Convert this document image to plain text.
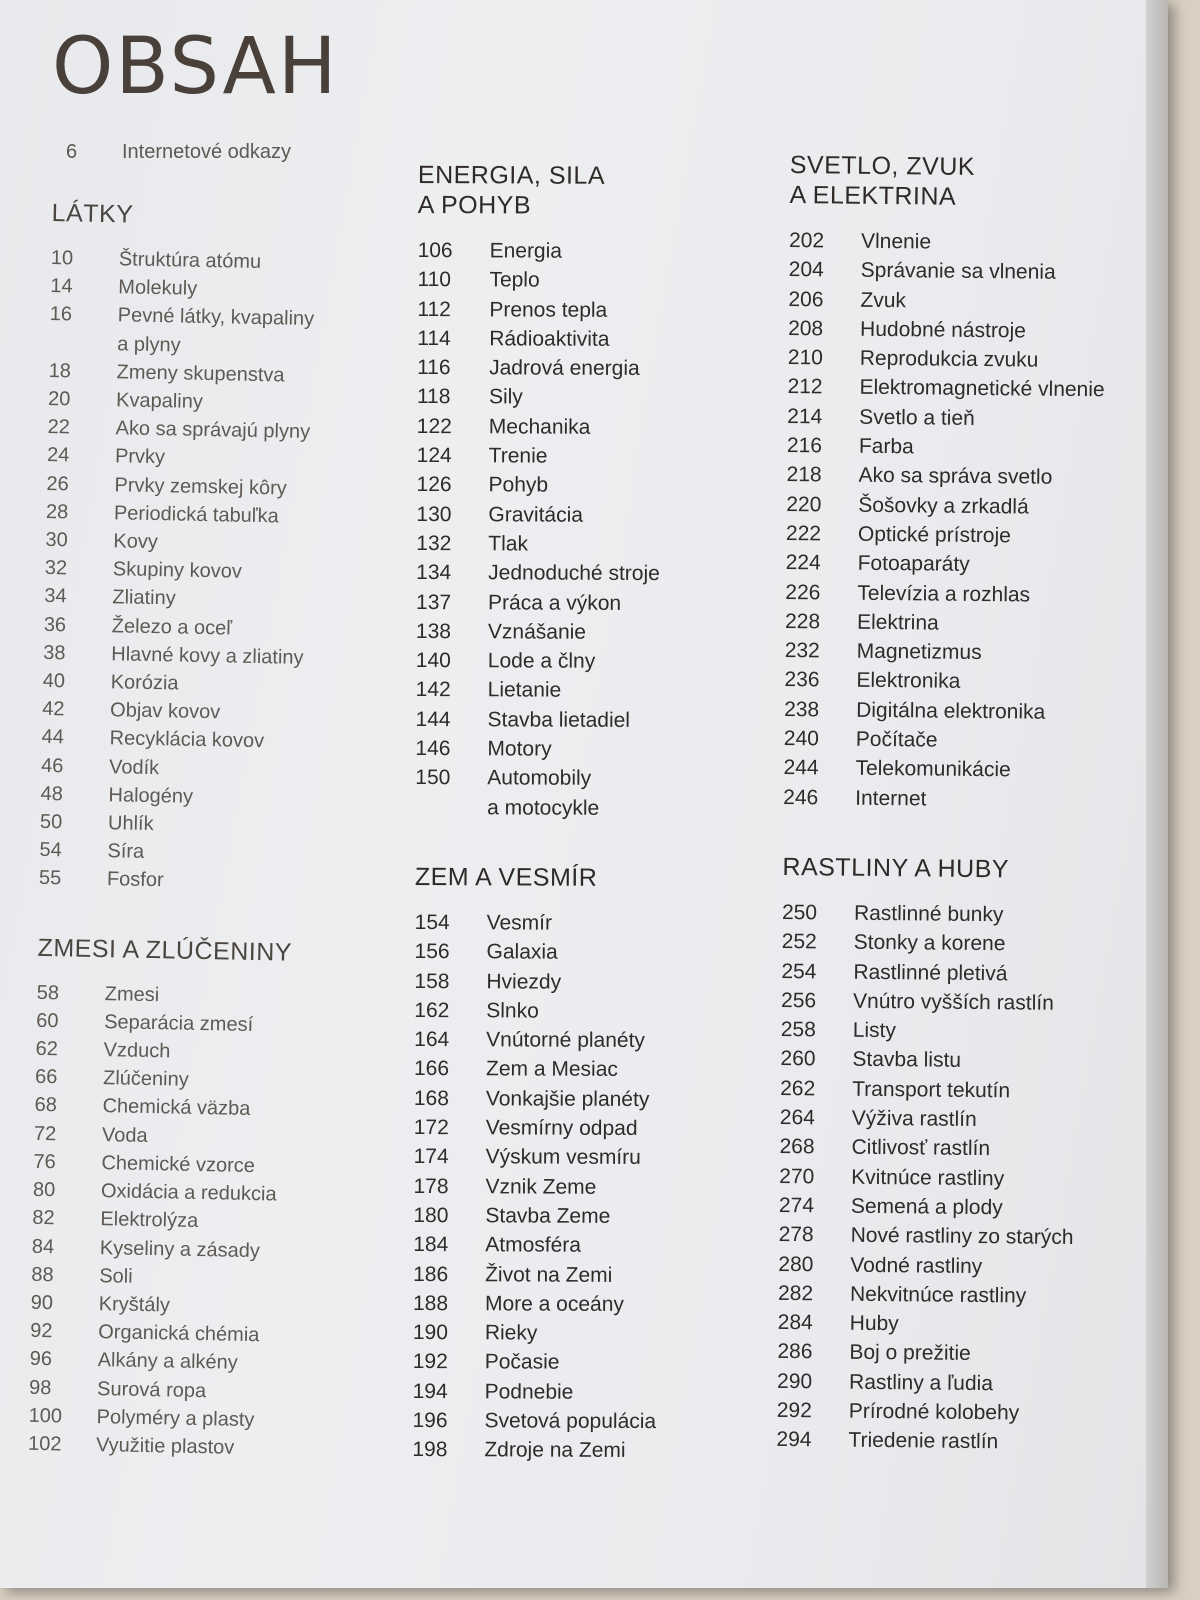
OBSAH
6	Internetové odkazy
LÁTKY
10	Štruktúra atómu
14	Molekuly
16	Pevné látky, kvapaliny
a plyny
18	Zmeny skupenstva
20	Kvapaliny
22	Ako sa správajú plyny
24	Prvky
26	Prvky zemskej kôry
28	Periodická tabuľka
30	Kovy
32	Skupiny kovov
34	Zliatiny
36	Železo a oceľ
38	Hlavné kovy a zliatiny
40	Korózia
42	Objav kovov
44	Recyklácia kovov
46	Vodík
48	Halogény
50	Uhlík
54	Síra
55	Fosfor
ZMESI A ZLÚČENINY
58	Zmesi
60	Separácia zmesí
62	Vzduch
66	Zlúčeniny
68	Chemická väzba
72	Voda
76	Chemické vzorce
80	Oxidácia a redukcia
82	Elektrolýza
84	Kyseliny a zásady
88	Soli
90	Kryštály
92	Organická chémia
96	Alkány a alkény
98	Surová ropa
100	Polyméry a plasty
102	Využitie plastov
ENERGIA, SILA
A POHYB
106	Energia
110	Teplo
112	Prenos tepla
114	Rádioaktivita
116	Jadrová energia
118	Sily
122	Mechanika
124	Trenie
126	Pohyb
130	Gravitácia
132	Tlak
134	Jednoduché stroje
137	Práca a výkon
138	Vznášanie
140	Lode a člny
142	Lietanie
144	Stavba lietadiel
146	Motory
150	Automobily
a motocykle
ZEM A VESMÍR
154	Vesmír
156	Galaxia
158	Hviezdy
162	Slnko
164	Vnútorné planéty
166	Zem a Mesiac
168	Vonkajšie planéty
172	Vesmírny odpad
174	Výskum vesmíru
178	Vznik Zeme
180	Stavba Zeme
184	Atmosféra
186	Život na Zemi
188	More a oceány
190	Rieky
192	Počasie
194	Podnebie
196	Svetová populácia
198	Zdroje na Zemi
SVETLO, ZVUK
A ELEKTRINA
202	Vlnenie
204	Správanie sa vlnenia
206	Zvuk
208	Hudobné nástroje
210	Reprodukcia zvuku
212	Elektromagnetické vlnenie
214	Svetlo a tieň
216	Farba
218	Ako sa správa svetlo
220	Šošovky a zrkadlá
222	Optické prístroje
224	Fotoaparáty
226	Televízia a rozhlas
228	Elektrina
232	Magnetizmus
236	Elektronika
238	Digitálna elektronika
240	Počítače
244	Telekomunikácie
246	Internet
RASTLINY A HUBY
250	Rastlinné bunky
252	Stonky a korene
254	Rastlinné pletivá
256	Vnútro vyšších rastlín
258	Listy
260	Stavba listu
262	Transport tekutín
264	Výživa rastlín
268	Citlivosť rastlín
270	Kvitnúce rastliny
274	Semená a plody
278	Nové rastliny zo starých
280	Vodné rastliny
282	Nekvitnúce rastliny
284	Huby
286	Boj o prežitie
290	Rastliny a ľudia
292	Prírodné kolobehy
294	Triedenie rastlín
